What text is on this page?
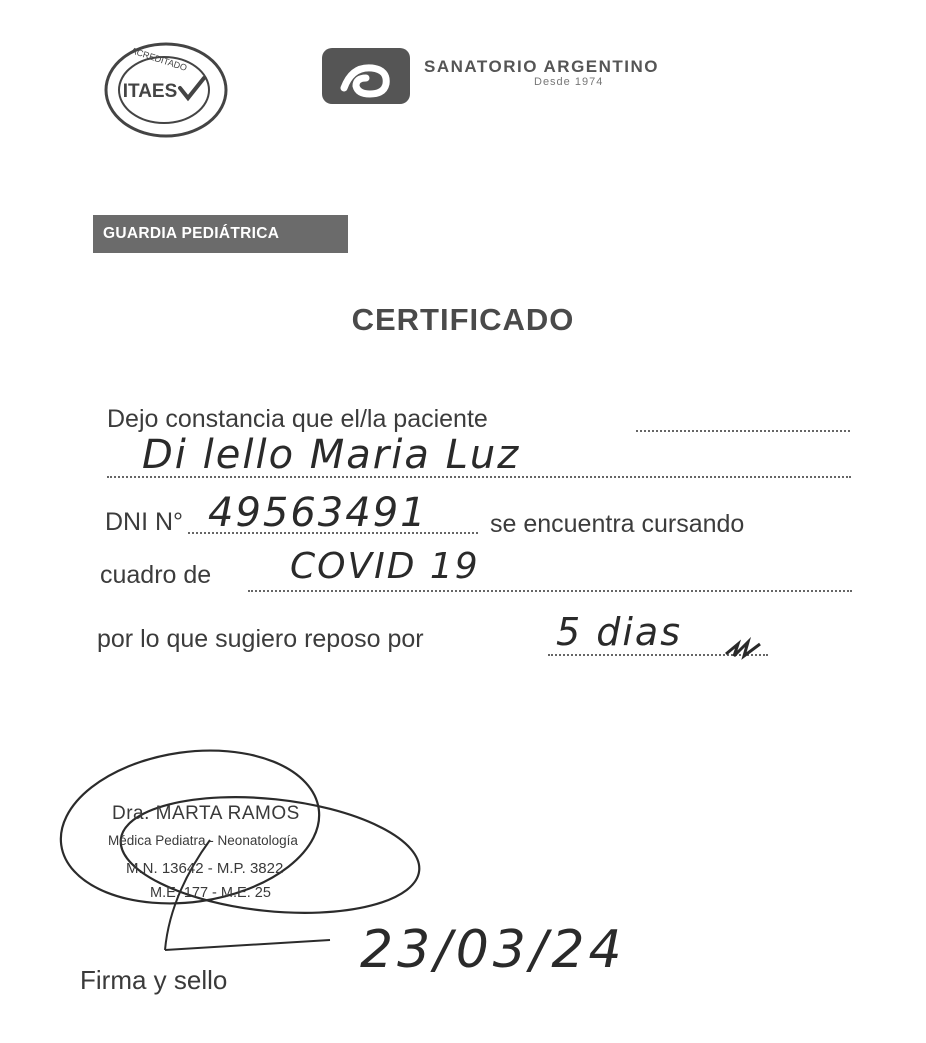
ACREDITADO
ITAES
SANATORIO ARGENTINO
Desde 1974
GUARDIA PEDIÁTRICA
CERTIFICADO
Dejo constancia que el/la paciente
Di lello Maria Luz
DNI N° 49563491 se encuentra cursando
cuadro de COVID 19
por lo que sugiero reposo por	5 dias
Dra. MARTA RAMOS
Médica Pediatra - Neonatología
M.N. 13642 - M.P. 3822
M.E. 177 - M.E. 25
Firma y sello	23/03/24
